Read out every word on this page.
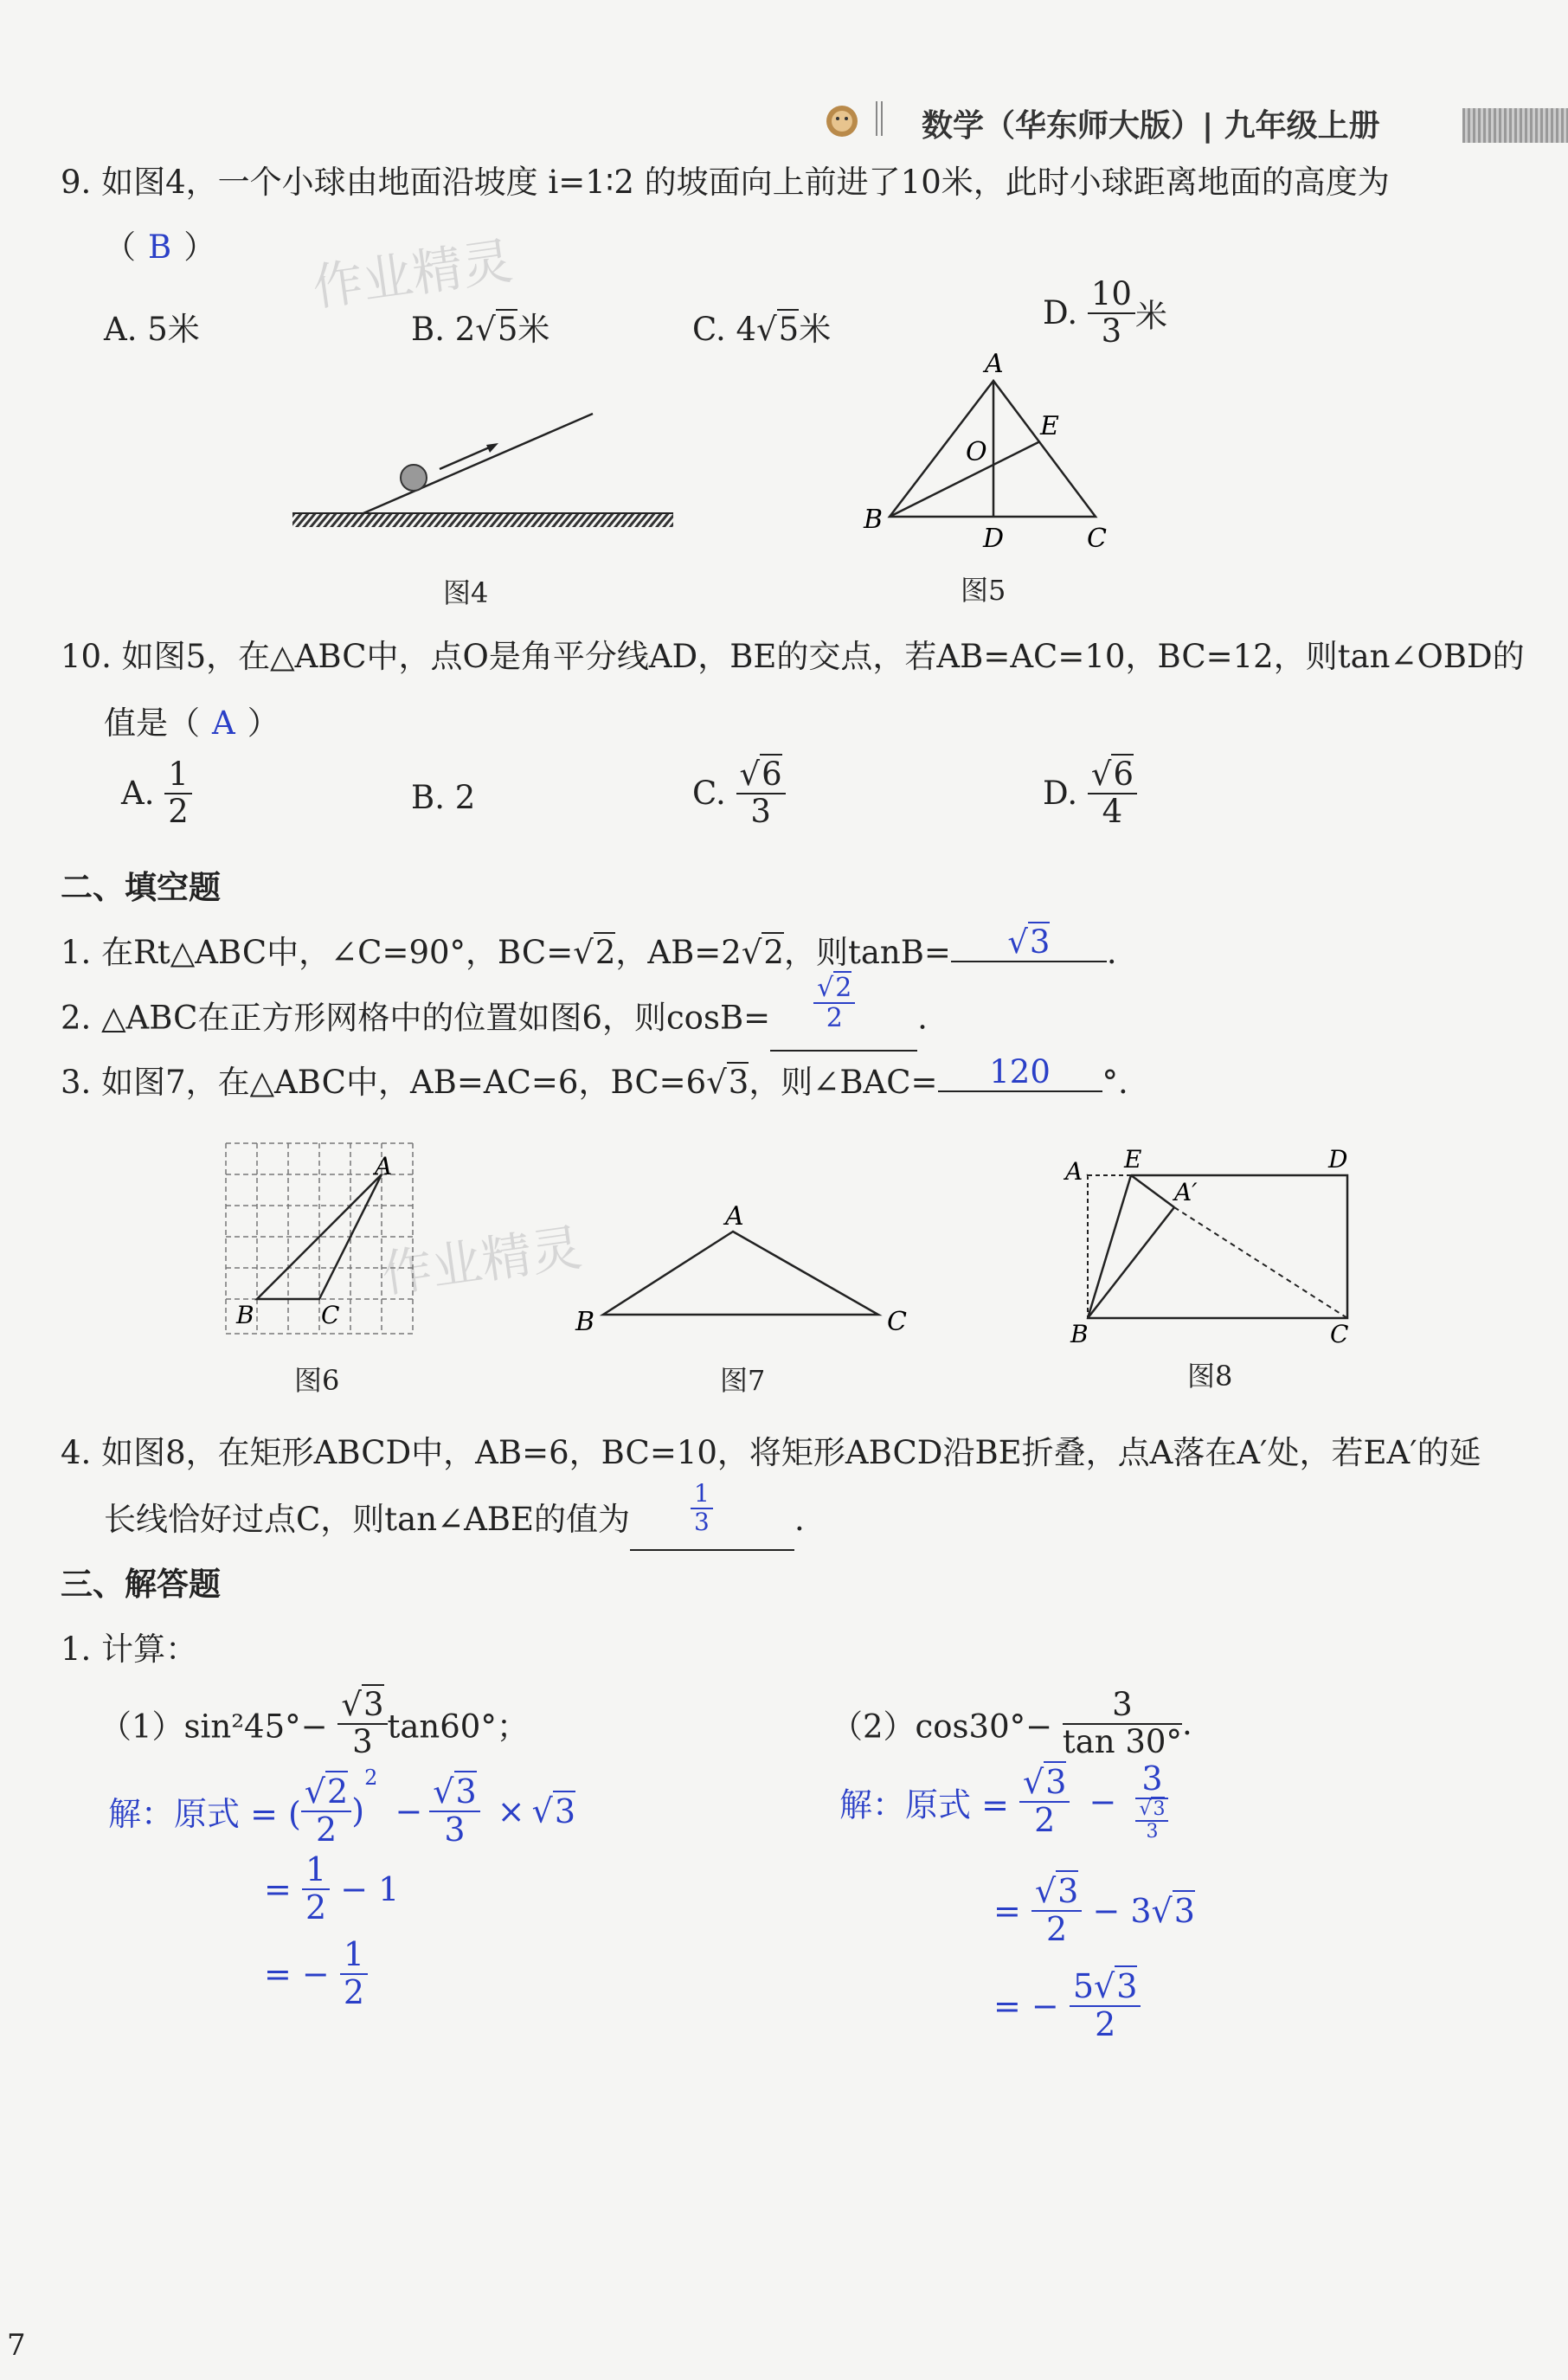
数学（华东师大版）| 九年级上册
作业精灵
作业精灵
9. 如图4，一个小球由地面沿坡度 i=1∶2 的坡面向上前进了10米，此时小球距离地面的高度为
（ B ）
A. 5米	B. 2√5米	C. 4√5米	D. $\frac{10}{3}$ 米
图4
A
B
C
D
E
O
图5
10. 如图5，在△ABC中，点O是角平分线AD，BE的交点，若AB=AC=10，BC=12，则tan∠OBD的
值是（ A ）
A. $\frac{1}{2}$	B. 2	C. $\frac{√6}{3}$	D. $\frac{√6}{4}$
二、填空题
1. 在Rt△ABC中，∠C=90°，BC=√2，AB=2√2，则tanB= √3 .
2. △ABC在正方形网格中的位置如图6，则$\cos B= \frac{√2}{2}$ .
3. 如图7，在△ABC中，AB=AC=6，BC=6√3，则∠BAC= 120 °.
A
B	C
图6
A
B	C
图7
A E	D
A′
B	C
图8
4. 如图8，在矩形ABCD中，AB=6，BC=10，将矩形ABCD沿BE折叠，点A落在A′处，若EA′的延
长线恰好过点C，则tan∠ABE的值为	$\frac{1}{3}$	.
三、解答题
1. 计算：
$(1)\sin^245^\circ- \frac{√3}{3} \tan 60^\circ$；	$(2)\cos 30^\circ- \frac{3}{\tan 30^\circ}$ .
解：原式 = ( $\frac{√2}{2} )^2 - \frac{√3}{3} \times √3$
= $\frac{1}{2} - 1$
= − $\frac{1}{2}$
解：原式 = $\frac{√3}{2} - \frac{3}{\frac{√3}{3}}$
= $\frac{√3}{2} - 3√3$
= − $\frac{5√3}{2}$
7
